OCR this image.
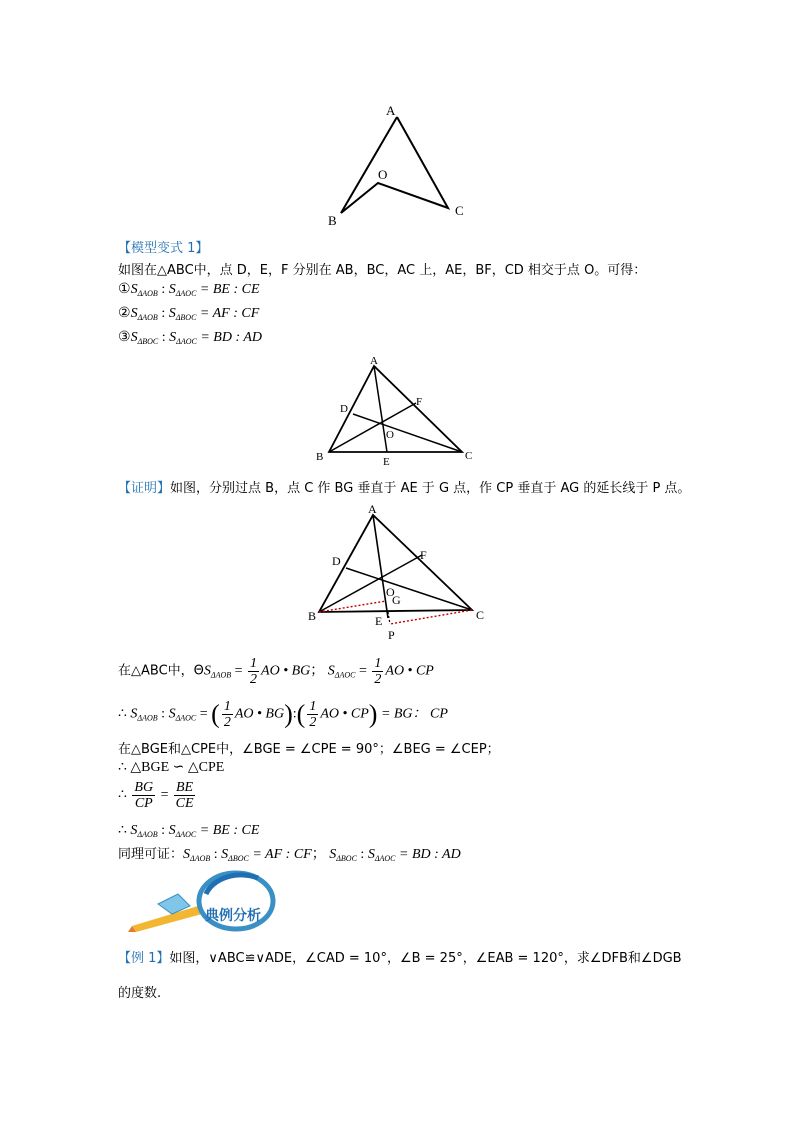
A
O
B
C
【模型变式 1】
如图在△ABC中，点 D，E，F 分别在 AB，BC，AC 上，AE，BF，CD 相交于点 O。可得：
$①S_{\Delta AOB}$ : $S_{\Delta AOC}$ = BE : CE
$②S_{\Delta AOB}$ : $S_{\Delta BOC}$ = AF : CF
$③S_{\Delta BOC}$ : $S_{\Delta AOC}$ = BD : AD
A
D
F
O
B	E	C
【证明】如图，分别过点 B，点 C 作 BG 垂直于 AE 于 G 点，作 CP 垂直于 AG 的延长线于 P 点。
A
D	F
O
G
B	E	C
P
在△ABC中，$\Theta S_{\Delta AOB} = \frac{1}{2}$ AO • BG； $S_{\Delta AOC} = \frac{1}{2}$ AO • CP
∴ $S_{\Delta AOB}$ : $S_{\Delta AOC}$ = ( $\frac{1}{2}$ AO • BG):( $\frac{1}{2}$ AO • CP) = BG： CP
在△BGE和△CPE中，∠BGE = ∠CPE = 90°；∠BEG = ∠CEP；
∴ △BGE ∽ △CPE
∴ $\frac{BG}{CP} = \frac{BE}{CE}$
∴ $S_{\Delta AOB}$ : $S_{\Delta AOC}$ = BE : CE
同理可证：$S_{\Delta AOB}$ : $S_{\Delta BOC}$ = AF : CF； $S_{\Delta BOC}$ : $S_{\Delta AOC}$ = BD : AD
典例分析
【例 1】如图，∨ABC≌∨ADE，∠CAD = 10°，∠B = 25°，∠EAB = 120°，求∠DFB和∠DGB
的度数.
